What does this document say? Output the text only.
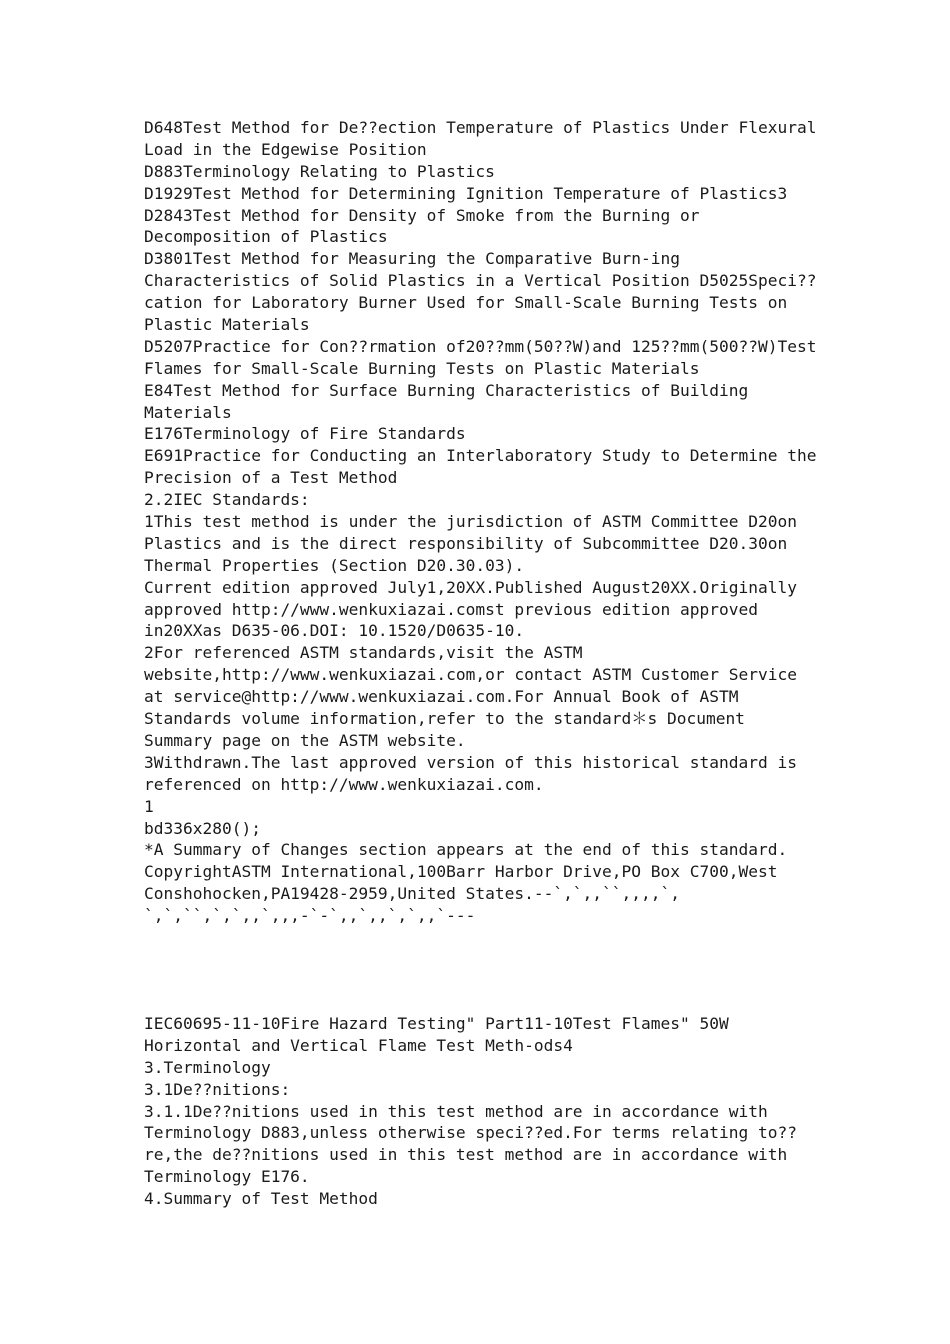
D648Test Method for De??ection Temperature of Plastics Under Flexural
Load in the Edgewise Position
D883Terminology Relating to Plastics
D1929Test Method for Determining Ignition Temperature of Plastics3
D2843Test Method for Density of Smoke from the Burning or
Decomposition of Plastics
D3801Test Method for Measuring the Comparative Burn-ing
Characteristics of Solid Plastics in a Vertical Position D5025Speci??
cation for Laboratory Burner Used for Small-Scale Burning Tests on
Plastic Materials
D5207Practice for Con??rmation of20??mm(50??W)and 125??mm(500??W)Test
Flames for Small-Scale Burning Tests on Plastic Materials
E84Test Method for Surface Burning Characteristics of Building
Materials
E176Terminology of Fire Standards
E691Practice for Conducting an Interlaboratory Study to Determine the
Precision of a Test Method
2.2IEC Standards:
1This test method is under the jurisdiction of ASTM Committee D20on
Plastics and is the direct responsibility of Subcommittee D20.30on
Thermal Properties (Section D20.30.03).
Current edition approved July1,20XX.Published August20XX.Originally
approved http://www.wenkuxiazai.comst previous edition approved
in20XXas D635-06.DOI: 10.1520/D0635-10.
2For referenced ASTM standards,visit the ASTM
website,http://www.wenkuxiazai.com,or contact ASTM Customer Service
at service@http://www.wenkuxiazai.com.For Annual Book of ASTM
Standards volume information,refer to the standard＊s Document
Summary page on the ASTM website.
3Withdrawn.The last approved version of this historical standard is
referenced on http://www.wenkuxiazai.com.
1
bd336x280();
*A Summary of Changes section appears at the end of this standard.
CopyrightASTM International,100Barr Harbor Drive,PO Box C700,West
Conshohocken,PA19428-2959,United States.--`,`,,``,,,,`,
`,`,``,`,`,,`,,,-`-`,,`,,`,`,,`---
IEC60695-11-10Fire Hazard Testing" Part11-10Test Flames" 50W
Horizontal and Vertical Flame Test Meth-ods4
3.Terminology
3.1De??nitions:
3.1.1De??nitions used in this test method are in accordance with
Terminology D883,unless otherwise speci??ed.For terms relating to??
re,the de??nitions used in this test method are in accordance with
Terminology E176.
4.Summary of Test Method
